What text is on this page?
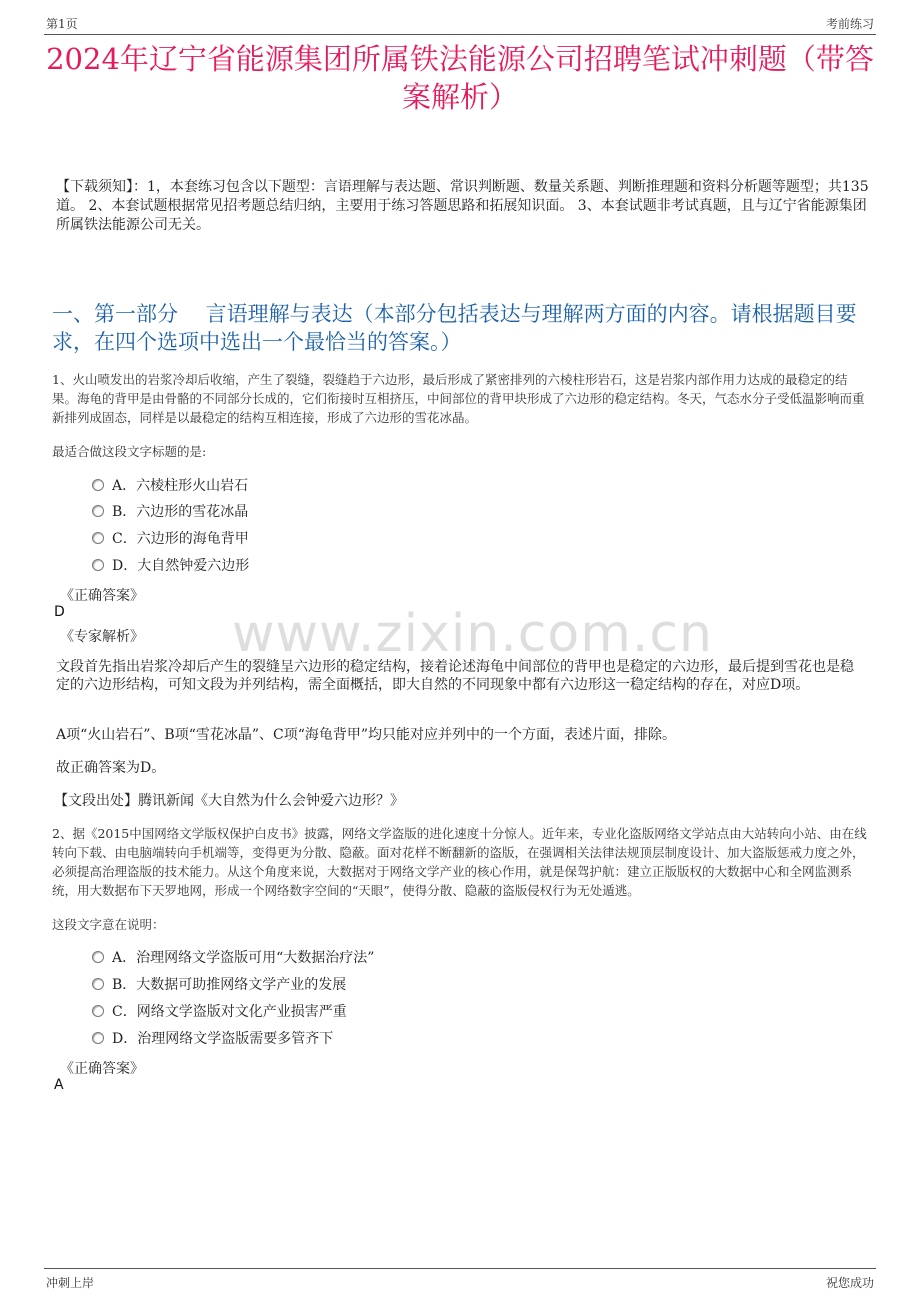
第1页	考前练习
2024年辽宁省能源集团所属铁法能源公司招聘笔试冲刺题（带答案解析）
【下载须知】：1，本套练习包含以下题型：言语理解与表达题、常识判断题、数量关系题、判断推理题和资料分析题等题型；共135道。 2、本套试题根据常见招考题总结归纳，主要用于练习答题思路和拓展知识面。 3、本套试题非考试真题，且与辽宁省能源集团所属铁法能源公司无关。
一、第一部分　 言语理解与表达（本部分包括表达与理解两方面的内容。请根据题目要求，在四个选项中选出一个最恰当的答案。）
1、火山喷发出的岩浆冷却后收缩，产生了裂缝，裂缝趋于六边形，最后形成了紧密排列的六棱柱形岩石，这是岩浆内部作用力达成的最稳定的结果。海龟的背甲是由骨骼的不同部分长成的，它们衔接时互相挤压，中间部位的背甲块形成了六边形的稳定结构。冬天，气态水分子受低温影响而重新排列成固态，同样是以最稳定的结构互相连接，形成了六边形的雪花冰晶。
最适合做这段文字标题的是:
A．六棱柱形火山岩石
B．六边形的雪花冰晶
C．六边形的海龟背甲
D．大自然钟爱六边形
《正确答案》
D
《专家解析》 www.zixin.com.cn
文段首先指出岩浆冷却后产生的裂缝呈六边形的稳定结构，接着论述海龟中间部位的背甲也是稳定的六边形，最后提到雪花也是稳定的六边形结构，可知文段为并列结构，需全面概括，即大自然的不同现象中都有六边形这一稳定结构的存在，对应D项。
A项“火山岩石”、B项“雪花冰晶”、C项“海龟背甲”均只能对应并列中的一个方面，表述片面，排除。
故正确答案为D。
【文段出处】腾讯新闻《大自然为什么会钟爱六边形？》
2、据《2015中国网络文学版权保护白皮书》披露，网络文学盗版的进化速度十分惊人。近年来，专业化盗版网络文学站点由大站转向小站、由在线转向下载、由电脑端转向手机端等，变得更为分散、隐蔽。面对花样不断翻新的盗版，在强调相关法律法规顶层制度设计、加大盗版惩戒力度之外，必须提高治理盗版的技术能力。从这个角度来说，大数据对于网络文学产业的核心作用，就是保驾护航：建立正版版权的大数据中心和全网监测系统，用大数据布下天罗地网，形成一个网络数字空间的“天眼”，使得分散、隐蔽的盗版侵权行为无处遁逃。
这段文字意在说明：
A．治理网络文学盗版可用“大数据治疗法”
B．大数据可助推网络文学产业的发展
C．网络文学盗版对文化产业损害严重
D．治理网络文学盗版需要多管齐下
《正确答案》
A
冲刺上岸	祝您成功
